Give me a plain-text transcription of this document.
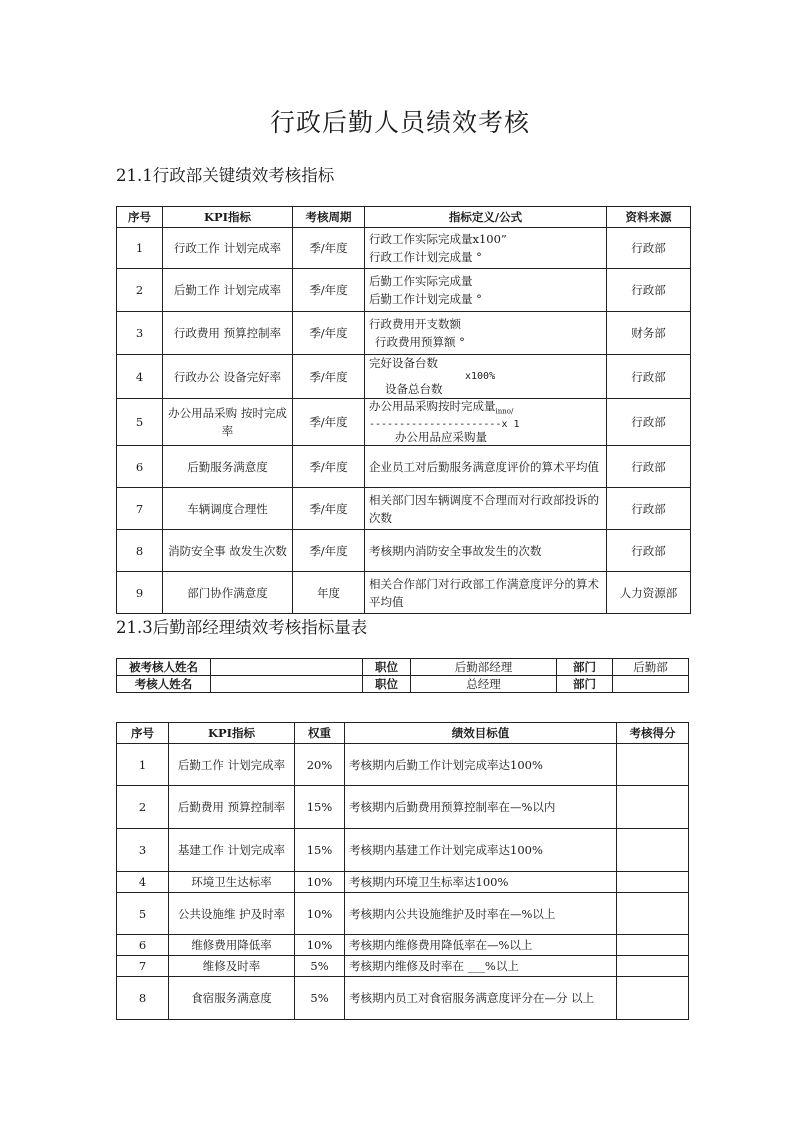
行政后勤人员绩效考核
21.1行政部关键绩效考核指标
序号	KPI指标	考核周期	指标定义/公式	资料来源
1	行政工作 计划完成率	季/年度	行政工作实际完成量x100”
行政工作计划完成量 °	行政部
2	后勤工作 计划完成率	季/年度	后勤工作实际完成量
后勤工作计划完成量 °	行政部
3	行政费用 预算控制率	季/年度	行政费用开支数额
行政费用预算额 °	财务部
4	行政办公 设备完好率	季/年度	完好设备台数
x100%
设备总台数	行政部
5	办公用品采购 按时完成率	季/年度	办公用品采购按时完成量$_{inno/}$
----------------------x 1
办公用品应采购量	行政部
6	后勤服务满意度	季/年度	企业员工对后勤服务满意度评价的算术平均值	行政部
7	车辆调度合理性	季/年度	相关部门因车辆调度不合理而对行政部投诉的次数	行政部
8	消防安全事 故发生次数	季/年度	考核期内消防安全事故发生的次数	行政部
9	部门协作满意度	年度	相关合作部门对行政部工作满意度评分的算术平均值	人力资源部
21.3后勤部经理绩效考核指标量表
被考核人姓名		职位	后勤部经理	部门	后勤部
考核人姓名		职位	总经理	部门	
序号	KPI指标	权重	绩效目标值	考核得分
1	后勤工作 计划完成率	20%	考核期内后勤工作计划完成率达100%	
2	后勤费用 预算控制率	15%	考核期内后勤费用预算控制率在—%以内	
3	基建工作 计划完成率	15%	考核期内基建工作计划完成率达100%	
4	环境卫生达标率	10%	考核期内环境卫生标率达100%	
5	公共设施维 护及时率	10%	考核期内公共设施维护及时率在—%以上	
6	维修费用降低率	10%	考核期内维修费用降低率在—%以上	
7	维修及时率	5%	考核期内维修及时率在 ___%以上	
8	食宿服务满意度	5%	考核期内员工对食宿服务满意度评分在—分 以上	
